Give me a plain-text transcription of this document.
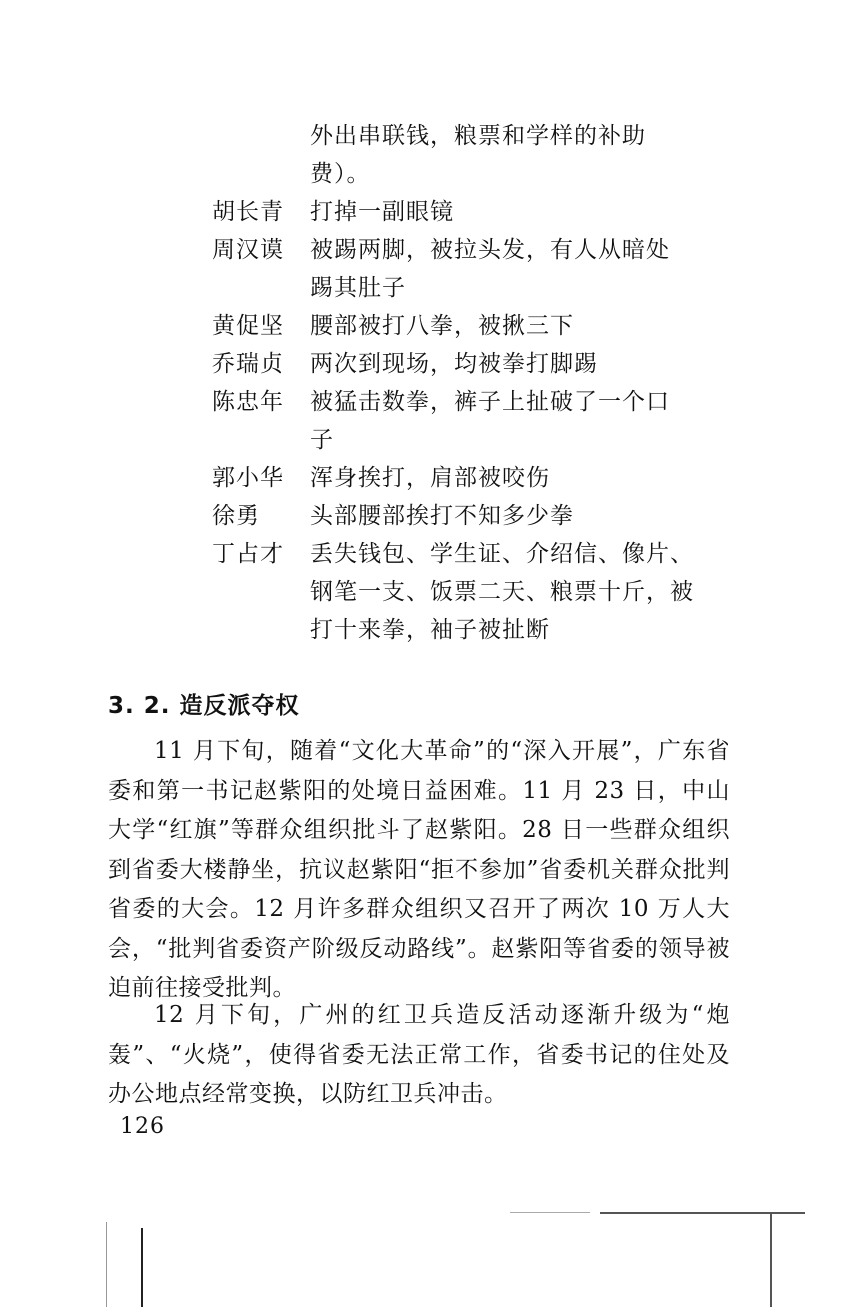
外出串联钱，粮票和学样的补助
费）。
胡长青	打掉一副眼镜
周汉谟	被踢两脚，被拉头发，有人从暗处
踢其肚子
黄促坚	腰部被打八拳，被揪三下
乔瑞贞	两次到现场，均被拳打脚踢
陈忠年	被猛击数拳，裤子上扯破了一个口
子
郭小华	浑身挨打，肩部被咬伤
徐勇	头部腰部挨打不知多少拳
丁占才	丢失钱包、学生证、介绍信、像片、
钢笔一支、饭票二天、粮票十斤，被
打十来拳，袖子被扯断
3. 2. 造反派夺权

11 月下旬，随着“文化大革命”的“深入开展”，广东省委和第一书记赵紫阳的处境日益困难。11 月 23 日，中山大学“红旗”等群众组织批斗了赵紫阳。28 日一些群众组织到省委大楼静坐，抗议赵紫阳“拒不参加”省委机关群众批判省委的大会。12 月许多群众组织又召开了两次 10 万人大会，“批判省委资产阶级反动路线”。赵紫阳等省委的领导被迫前往接受批判。

12 月下旬，广州的红卫兵造反活动逐渐升级为“炮轰”、“火烧”，使得省委无法正常工作，省委书记的住处及办公地点经常变换，以防红卫兵冲击。

126
